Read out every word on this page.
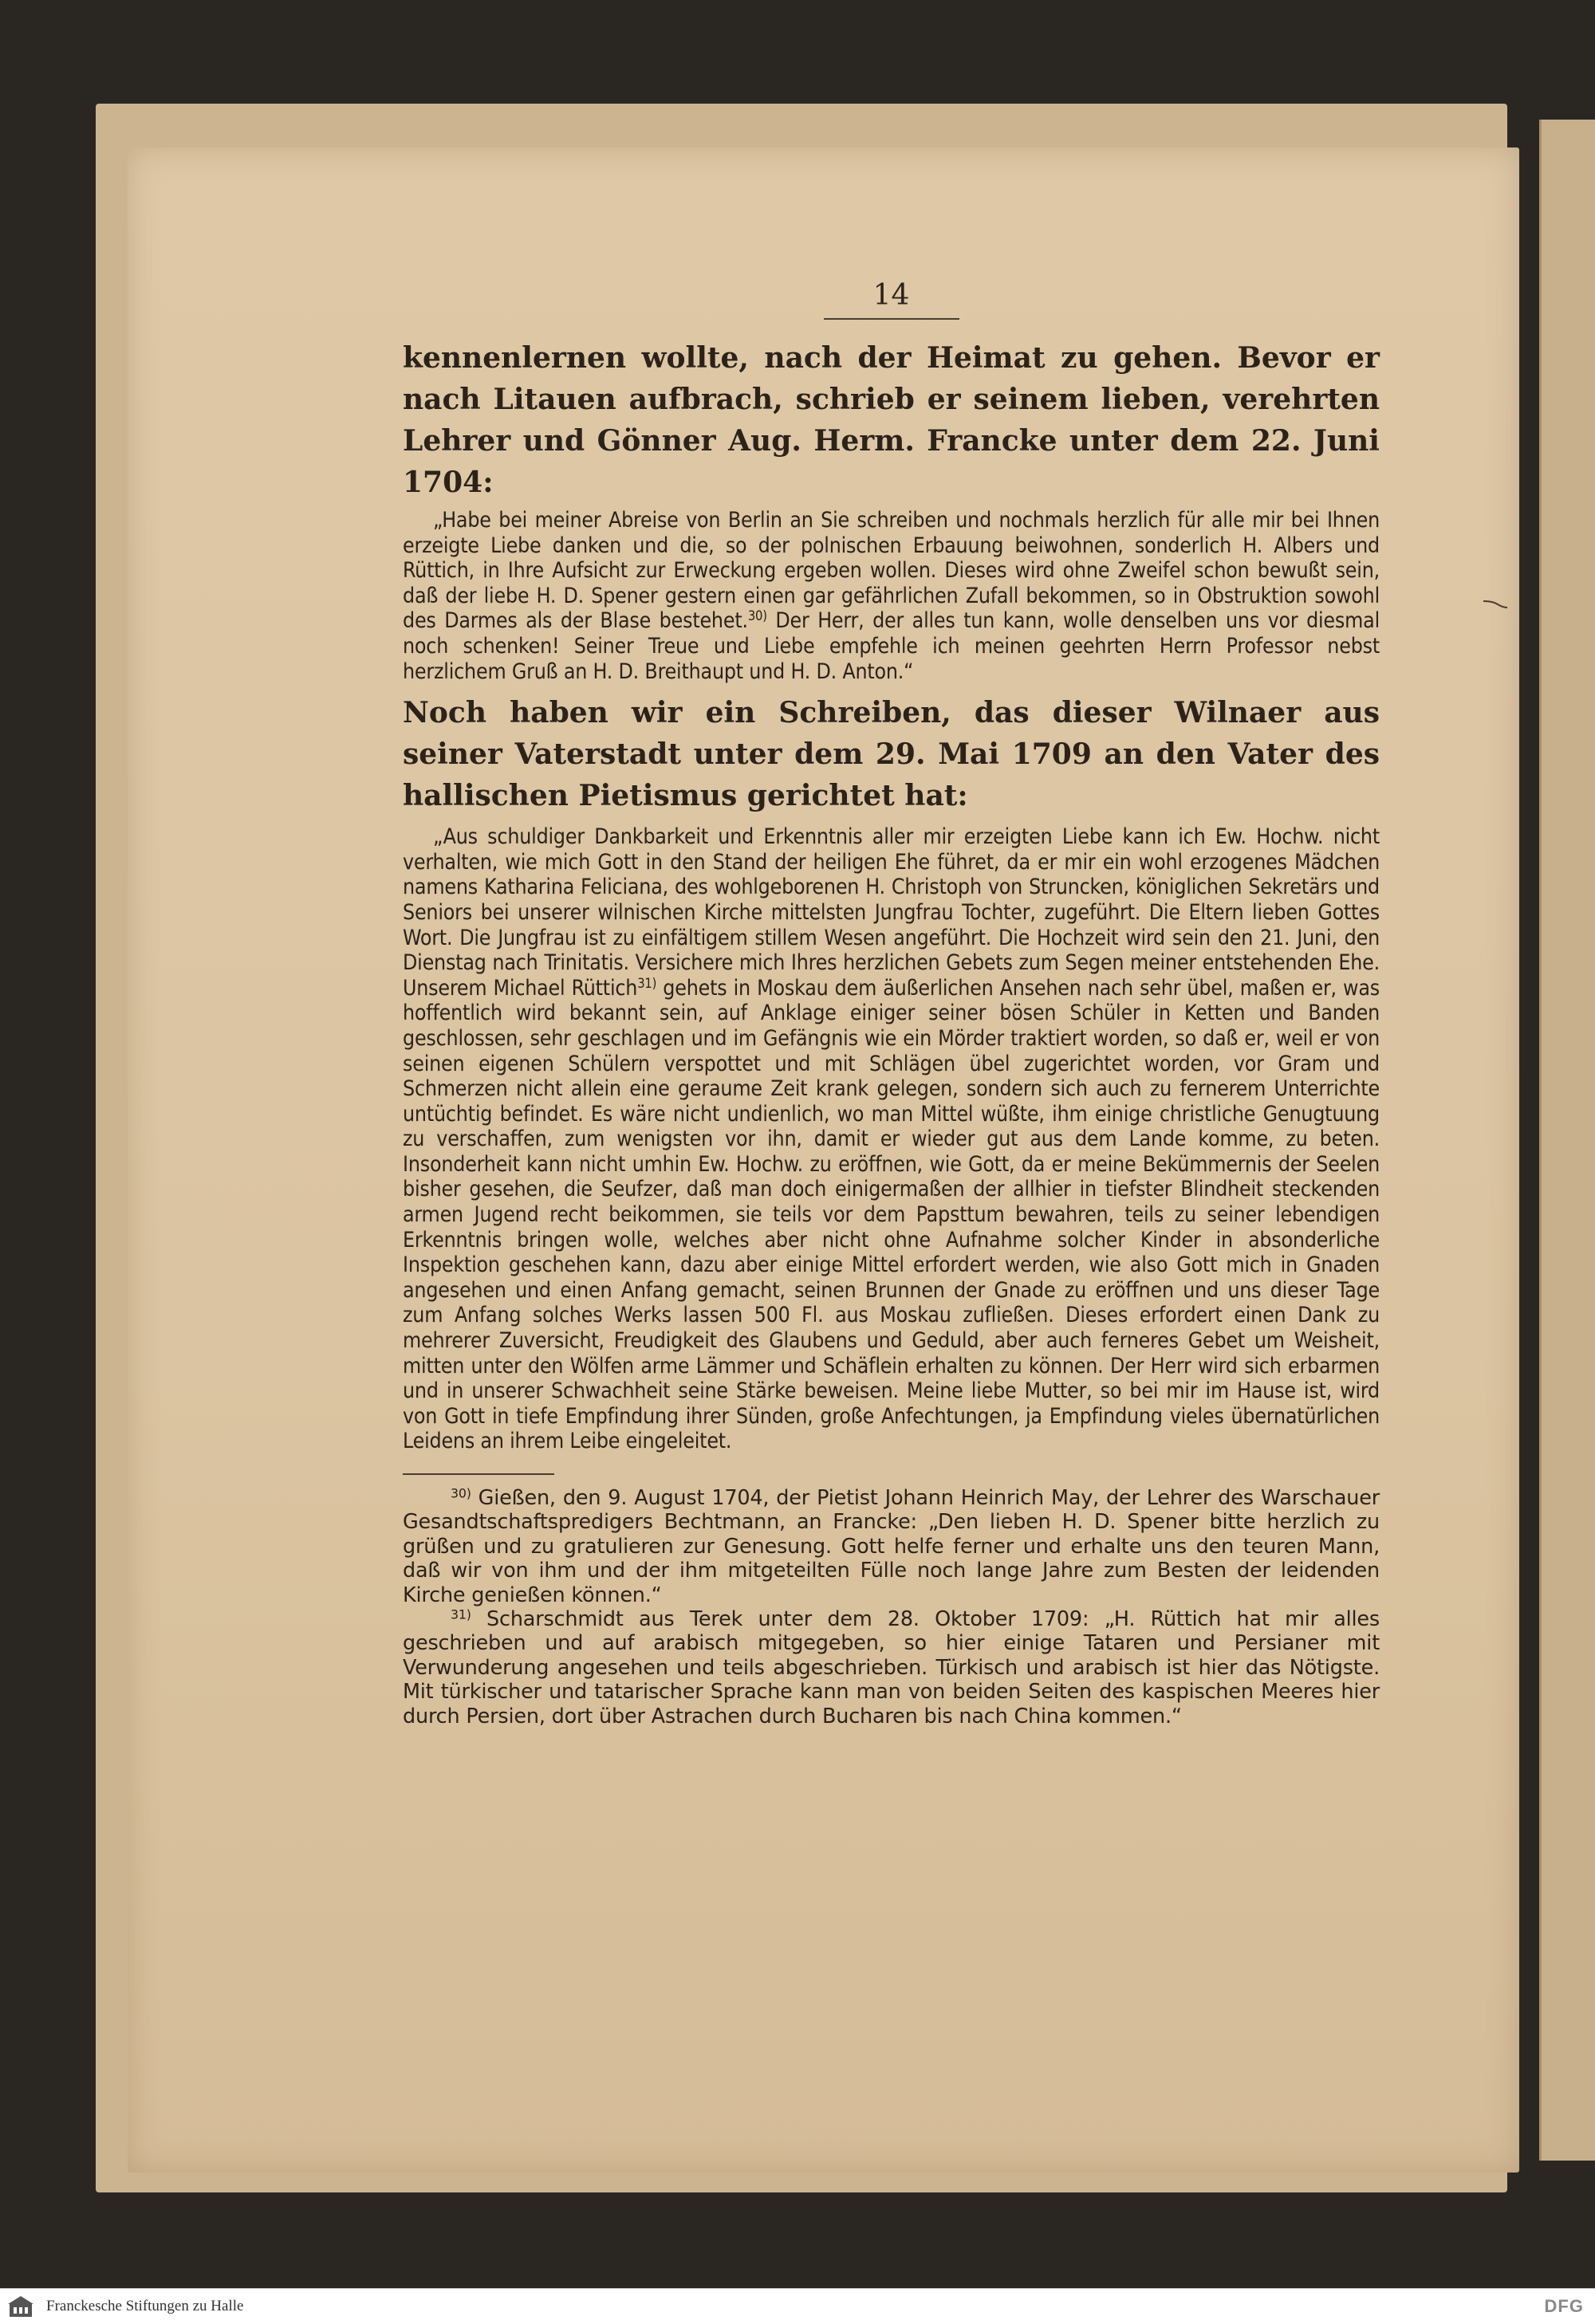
14

kennenlernen wollte, nach der Heimat zu gehen. Bevor er nach Litauen aufbrach, schrieb er seinem lieben, verehrten Lehrer und Gönner Aug. Herm. Francke unter dem 22. Juni 1704:

„Habe bei meiner Abreise von Berlin an Sie schreiben und nochmals herzlich für alle mir bei Ihnen erzeigte Liebe danken und die, so der polnischen Erbauung beiwohnen, sonderlich H. Albers und Rüttich, in Ihre Aufsicht zur Erweckung ergeben wollen. Dieses wird ohne Zweifel schon bewußt sein, daß der liebe H. D. Spener gestern einen gar gefährlichen Zufall bekommen, so in Obstruktion sowohl des Darmes als der Blase bestehet.$^{30)}$ Der Herr, der alles tun kann, wolle denselben uns vor diesmal noch schenken! Seiner Treue und Liebe empfehle ich meinen geehrten Herrn Professor nebst herzlichem Gruß an H. D. Breithaupt und H. D. Anton.“

Noch haben wir ein Schreiben, das dieser Wilnaer aus seiner Vaterstadt unter dem 29. Mai 1709 an den Vater des hallischen Pietismus gerichtet hat:

„Aus schuldiger Dankbarkeit und Erkenntnis aller mir erzeigten Liebe kann ich Ew. Hochw. nicht verhalten, wie mich Gott in den Stand der heiligen Ehe führet, da er mir ein wohl erzogenes Mädchen namens Katharina Feliciana, des wohlgeborenen H. Christoph von Struncken, königlichen Sekretärs und Seniors bei unserer wilnischen Kirche mittelsten Jungfrau Tochter, zugeführt. Die Eltern lieben Gottes Wort. Die Jungfrau ist zu einfältigem stillem Wesen angeführt. Die Hochzeit wird sein den 21. Juni, den Dienstag nach Trinitatis. Versichere mich Ihres herzlichen Gebets zum Segen meiner entstehenden Ehe. Unserem Michael Rüttich$^{31)}$ gehets in Moskau dem äußerlichen Ansehen nach sehr übel, maßen er, was hoffentlich wird bekannt sein, auf Anklage einiger seiner bösen Schüler in Ketten und Banden geschlossen, sehr geschlagen und im Gefängnis wie ein Mörder traktiert worden, so daß er, weil er von seinen eigenen Schülern verspottet und mit Schlägen übel zugerichtet worden, vor Gram und Schmerzen nicht allein eine geraume Zeit krank gelegen, sondern sich auch zu fernerem Unterrichte untüchtig befindet. Es wäre nicht undienlich, wo man Mittel wüßte, ihm einige christliche Genugtuung zu verschaffen, zum wenigsten vor ihn, damit er wieder gut aus dem Lande komme, zu beten. Insonderheit kann nicht umhin Ew. Hochw. zu eröffnen, wie Gott, da er meine Bekümmernis der Seelen bisher gesehen, die Seufzer, daß man doch einigermaßen der allhier in tiefster Blindheit steckenden armen Jugend recht beikommen, sie teils vor dem Papsttum bewahren, teils zu seiner lebendigen Erkenntnis bringen wolle, welches aber nicht ohne Aufnahme solcher Kinder in absonderliche Inspektion geschehen kann, dazu aber einige Mittel erfordert werden, wie also Gott mich in Gnaden angesehen und einen Anfang gemacht, seinen Brunnen der Gnade zu eröffnen und uns dieser Tage zum Anfang solches Werks lassen 500 Fl. aus Moskau zufließen. Dieses erfordert einen Dank zu mehrerer Zuversicht, Freudigkeit des Glaubens und Geduld, aber auch ferneres Gebet um Weisheit, mitten unter den Wölfen arme Lämmer und Schäflein erhalten zu können. Der Herr wird sich erbarmen und in unserer Schwachheit seine Stärke beweisen. Meine liebe Mutter, so bei mir im Hause ist, wird von Gott in tiefe Empfindung ihrer Sünden, große Anfechtungen, ja Empfindung vieles übernatürlichen Leidens an ihrem Leibe eingeleitet.

$^{30)}$ Gießen, den 9. August 1704, der Pietist Johann Heinrich May, der Lehrer des Warschauer Gesandtschaftspredigers Bechtmann, an Francke: „Den lieben H. D. Spener bitte herzlich zu grüßen und zu gratulieren zur Genesung. Gott helfe ferner und erhalte uns den teuren Mann, daß wir von ihm und der ihm mitgeteilten Fülle noch lange Jahre zum Besten der leidenden Kirche genießen können.“

$^{31)}$ Scharschmidt aus Terek unter dem 28. Oktober 1709: „H. Rüttich hat mir alles geschrieben und auf arabisch mitgegeben, so hier einige Tataren und Persianer mit Verwunderung angesehen und teils abgeschrieben. Türkisch und arabisch ist hier das Nötigste. Mit türkischer und tatarischer Sprache kann man von beiden Seiten des kaspischen Meeres hier durch Persien, dort über Astrachen durch Bucharen bis nach China kommen.“

Franckesche Stiftungen zu Halle	DFG
